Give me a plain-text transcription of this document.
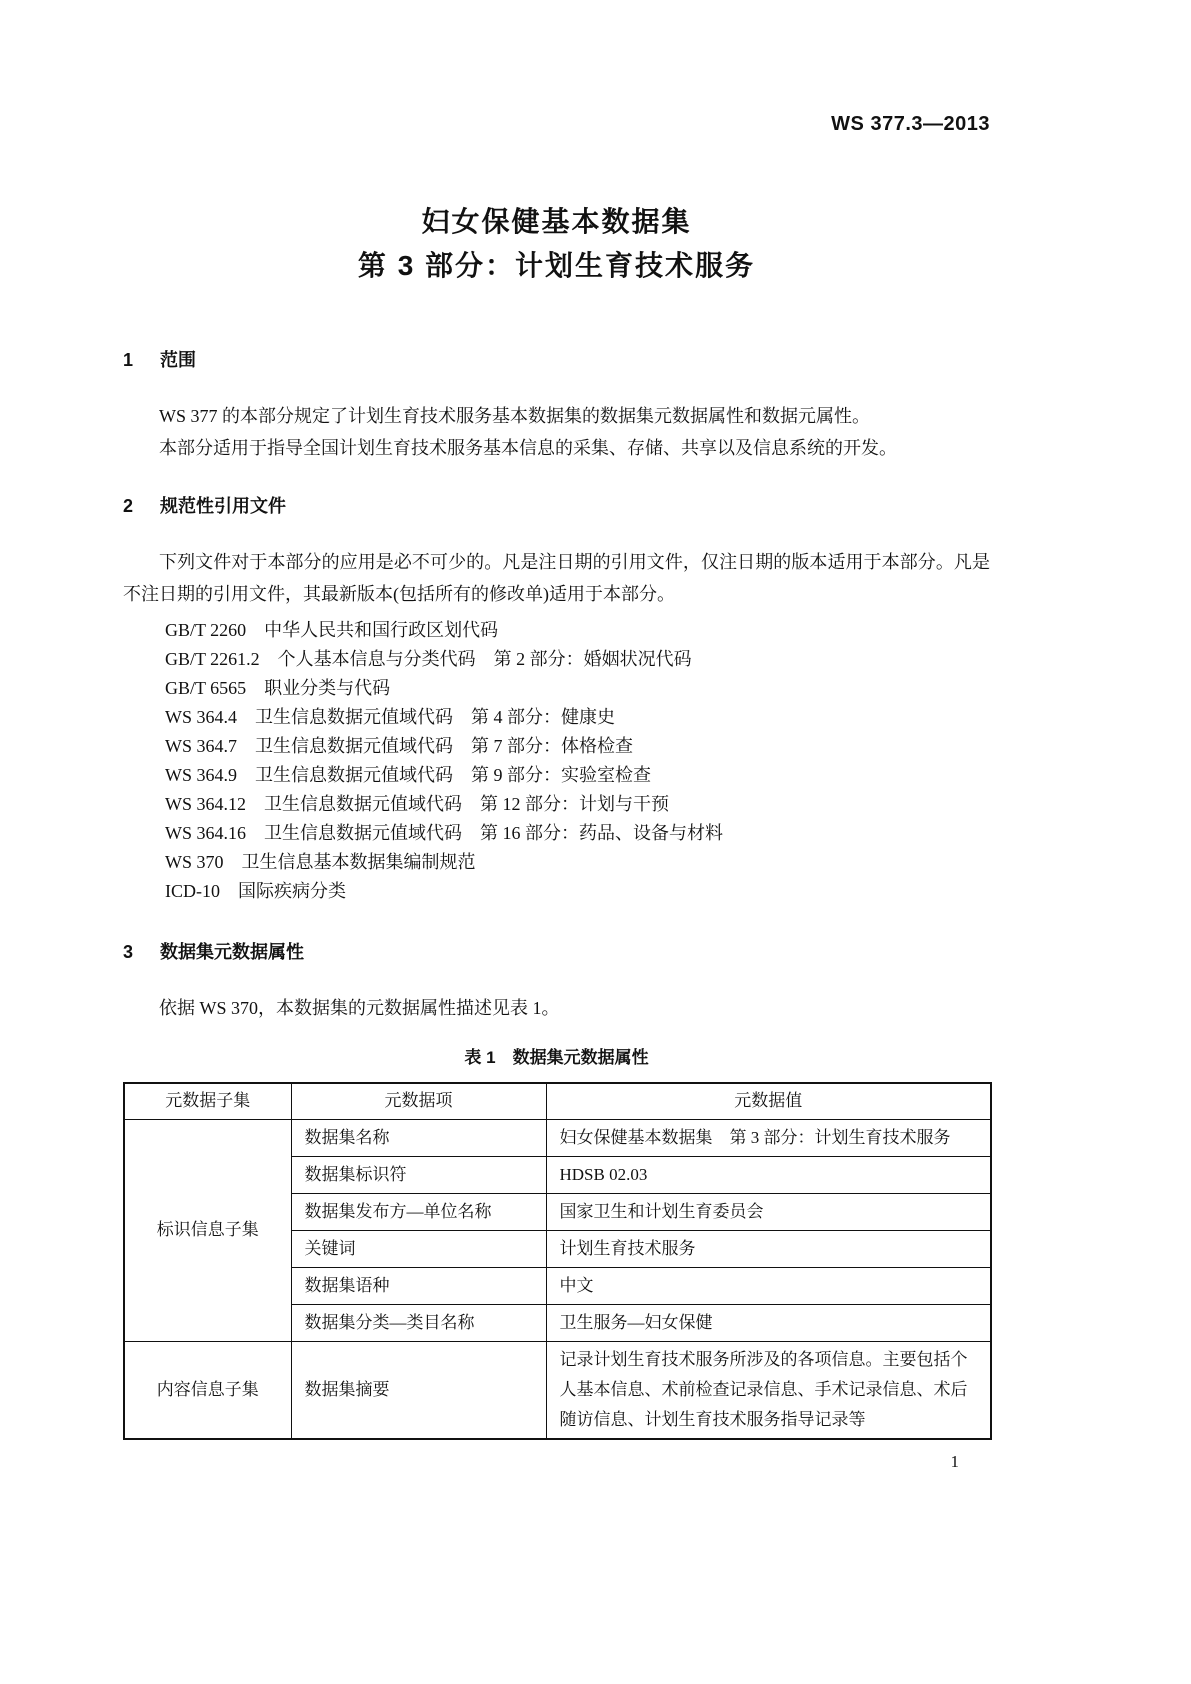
WS 377.3—2013
妇女保健基本数据集
第 3 部分：计划生育技术服务
1 范围
WS 377 的本部分规定了计划生育技术服务基本数据集的数据集元数据属性和数据元属性。
本部分适用于指导全国计划生育技术服务基本信息的采集、存储、共享以及信息系统的开发。
2 规范性引用文件
下列文件对于本部分的应用是必不可少的。凡是注日期的引用文件，仅注日期的版本适用于本部分。凡是不注日期的引用文件，其最新版本(包括所有的修改单)适用于本部分。
GB/T 2260　中华人民共和国行政区划代码
GB/T 2261.2　个人基本信息与分类代码　第 2 部分：婚姻状况代码
GB/T 6565　职业分类与代码
WS 364.4　卫生信息数据元值域代码　第 4 部分：健康史
WS 364.7　卫生信息数据元值域代码　第 7 部分：体格检查
WS 364.9　卫生信息数据元值域代码　第 9 部分：实验室检查
WS 364.12　卫生信息数据元值域代码　第 12 部分：计划与干预
WS 364.16　卫生信息数据元值域代码　第 16 部分：药品、设备与材料
WS 370　卫生信息基本数据集编制规范
ICD-10　国际疾病分类
3 数据集元数据属性
依据 WS 370，本数据集的元数据属性描述见表 1。
表 1　数据集元数据属性
元数据子集	元数据项	元数据值
标识信息子集	数据集名称	妇女保健基本数据集　第 3 部分：计划生育技术服务
	数据集标识符	HDSB 02.03
	数据集发布方—单位名称	国家卫生和计划生育委员会
	关键词	计划生育技术服务
	数据集语种	中文
	数据集分类—类目名称	卫生服务—妇女保健
内容信息子集	数据集摘要	记录计划生育技术服务所涉及的各项信息。主要包括个人基本信息、术前检查记录信息、手术记录信息、术后随访信息、计划生育技术服务指导记录等
1
